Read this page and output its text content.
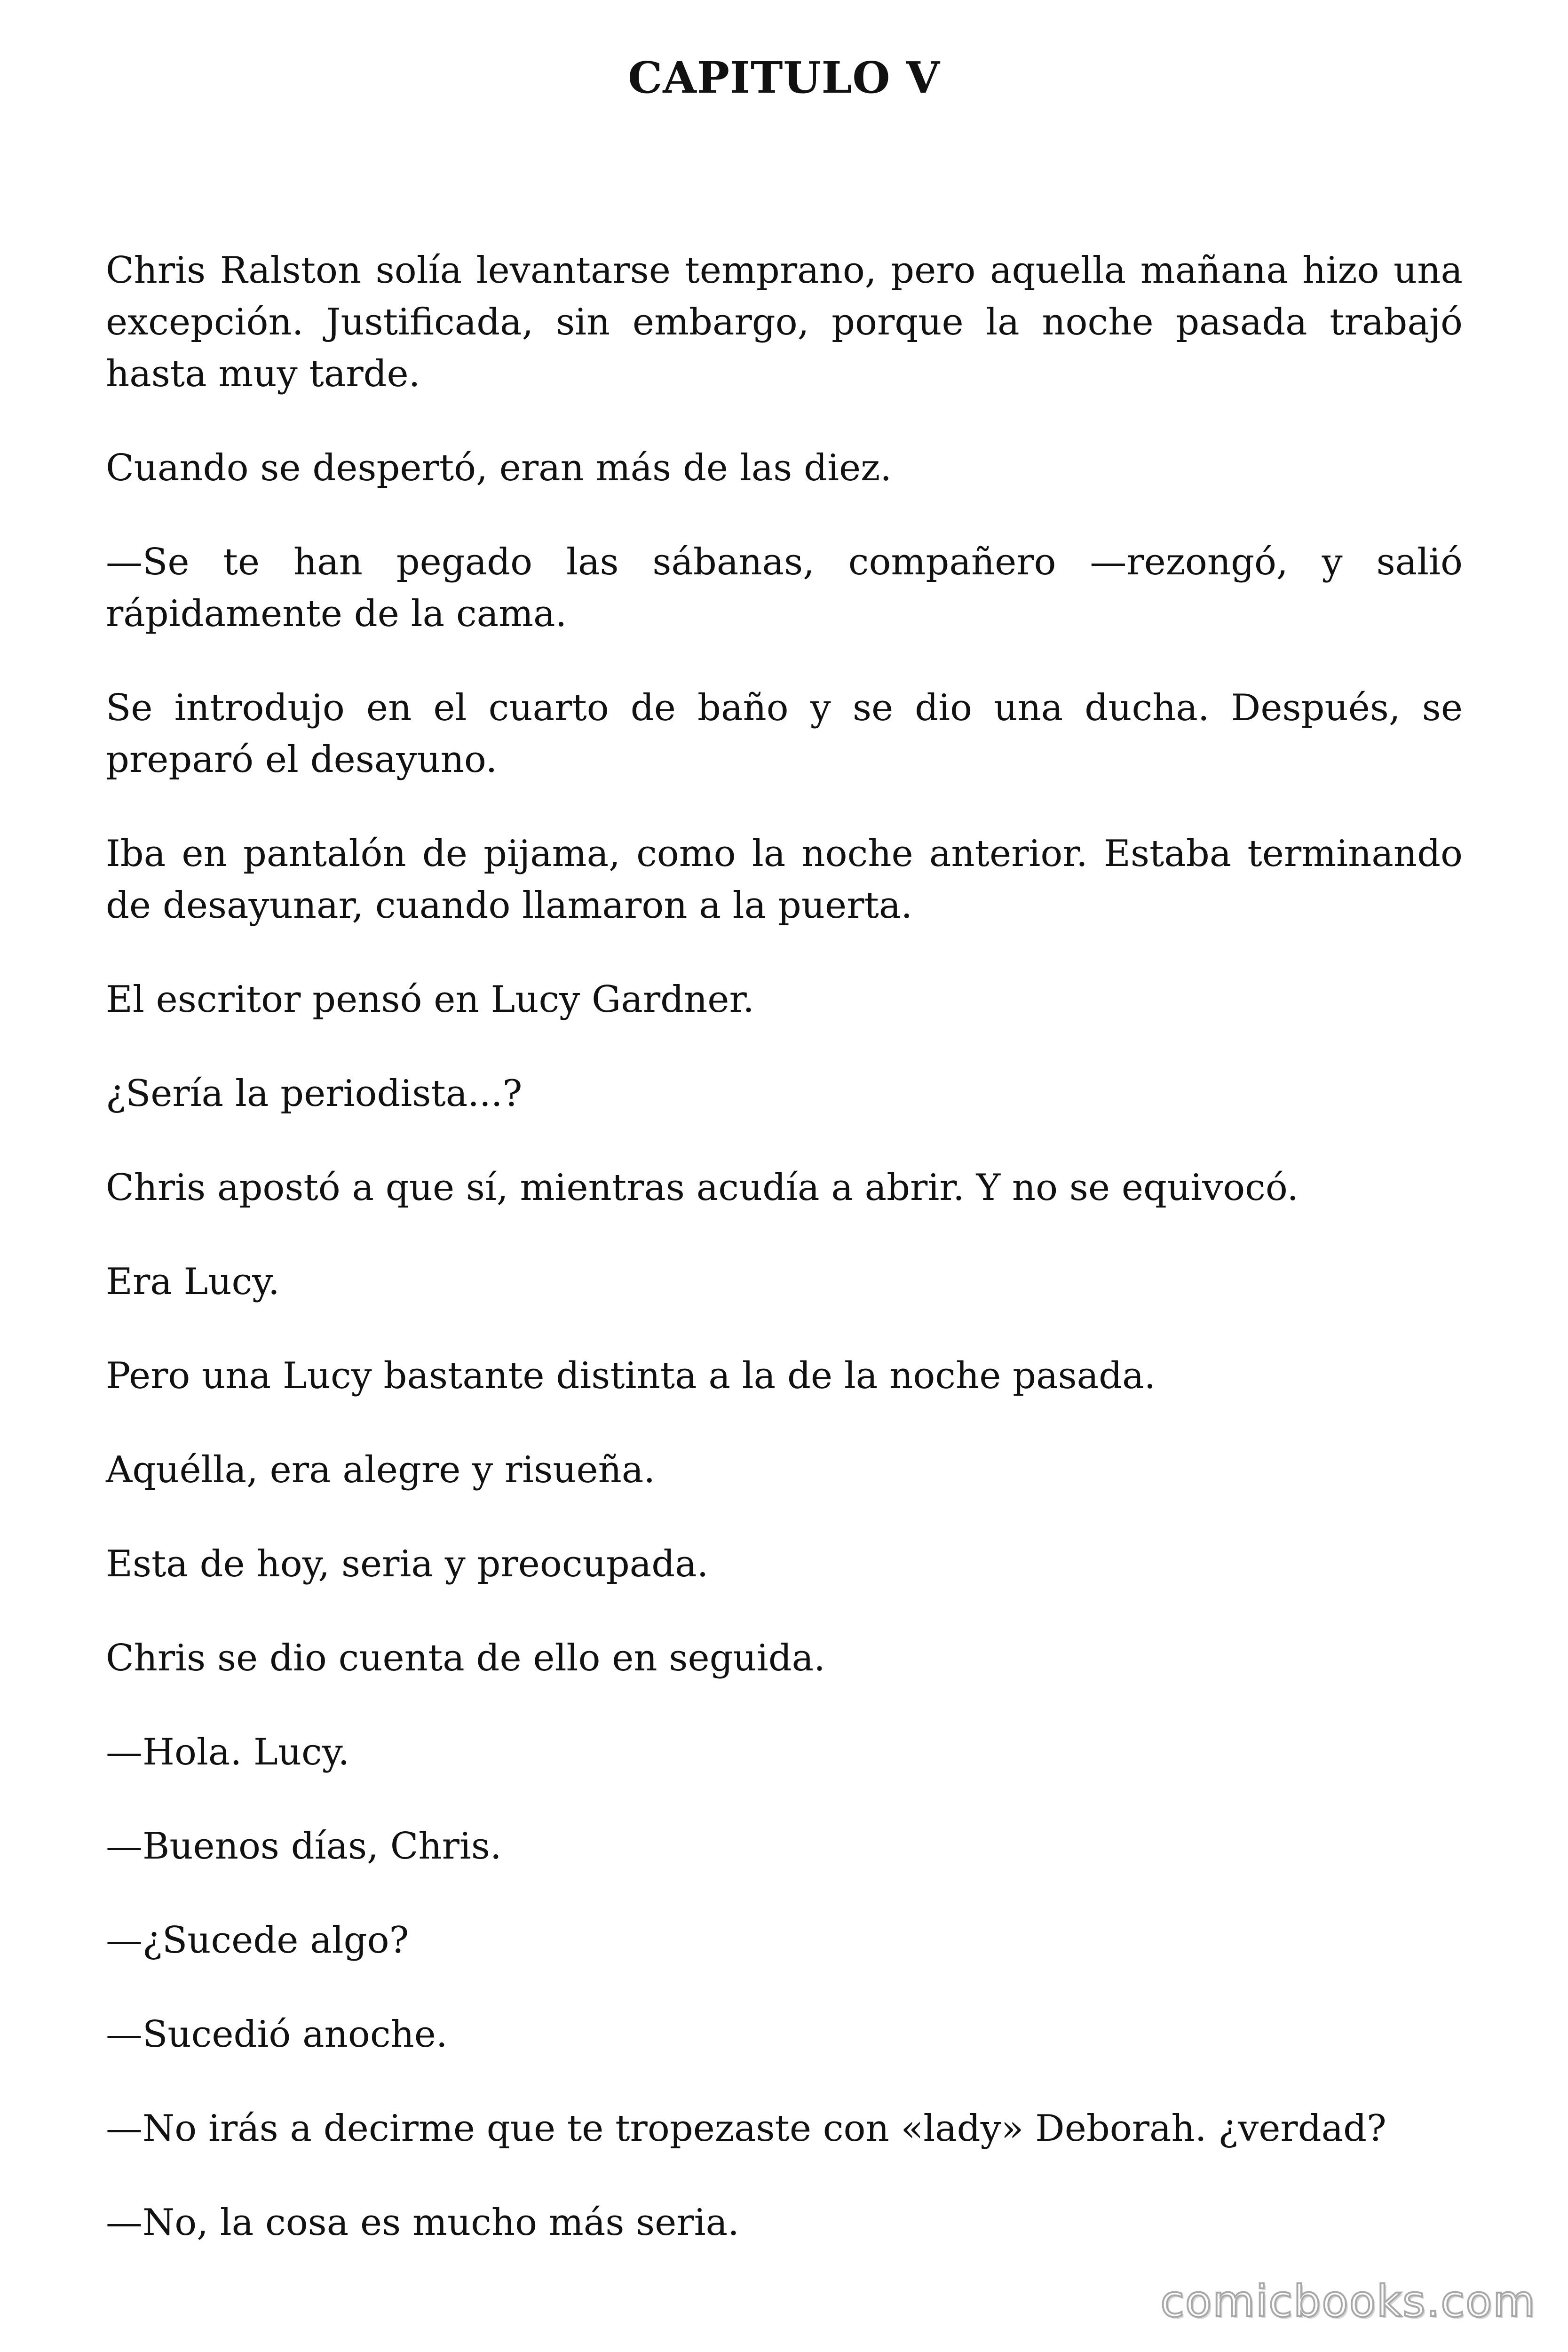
CAPITULO V

Chris Ralston solía levantarse temprano, pero aquella mañana hizo una excepción. Justificada, sin embargo, porque la noche pasada trabajó hasta muy tarde.

Cuando se despertó, eran más de las diez.

—Se te han pegado las sábanas, compañero —rezongó, y salió rápidamente de la cama.

Se introdujo en el cuarto de baño y se dio una ducha. Después, se preparó el desayuno.

Iba en pantalón de pijama, como la noche anterior. Estaba terminando de desayunar, cuando llamaron a la puerta.

El escritor pensó en Lucy Gardner.

¿Sería la periodista...?

Chris apostó a que sí, mientras acudía a abrir. Y no se equivocó.

Era Lucy.

Pero una Lucy bastante distinta a la de la noche pasada.

Aquélla, era alegre y risueña.

Esta de hoy, seria y preocupada.

Chris se dio cuenta de ello en seguida.

—Hola. Lucy.

—Buenos días, Chris.

—¿Sucede algo?

—Sucedió anoche.

—No irás a decirme que te tropezaste con «lady» Deborah. ¿verdad?

—No, la cosa es mucho más seria.

comicbooks.com
